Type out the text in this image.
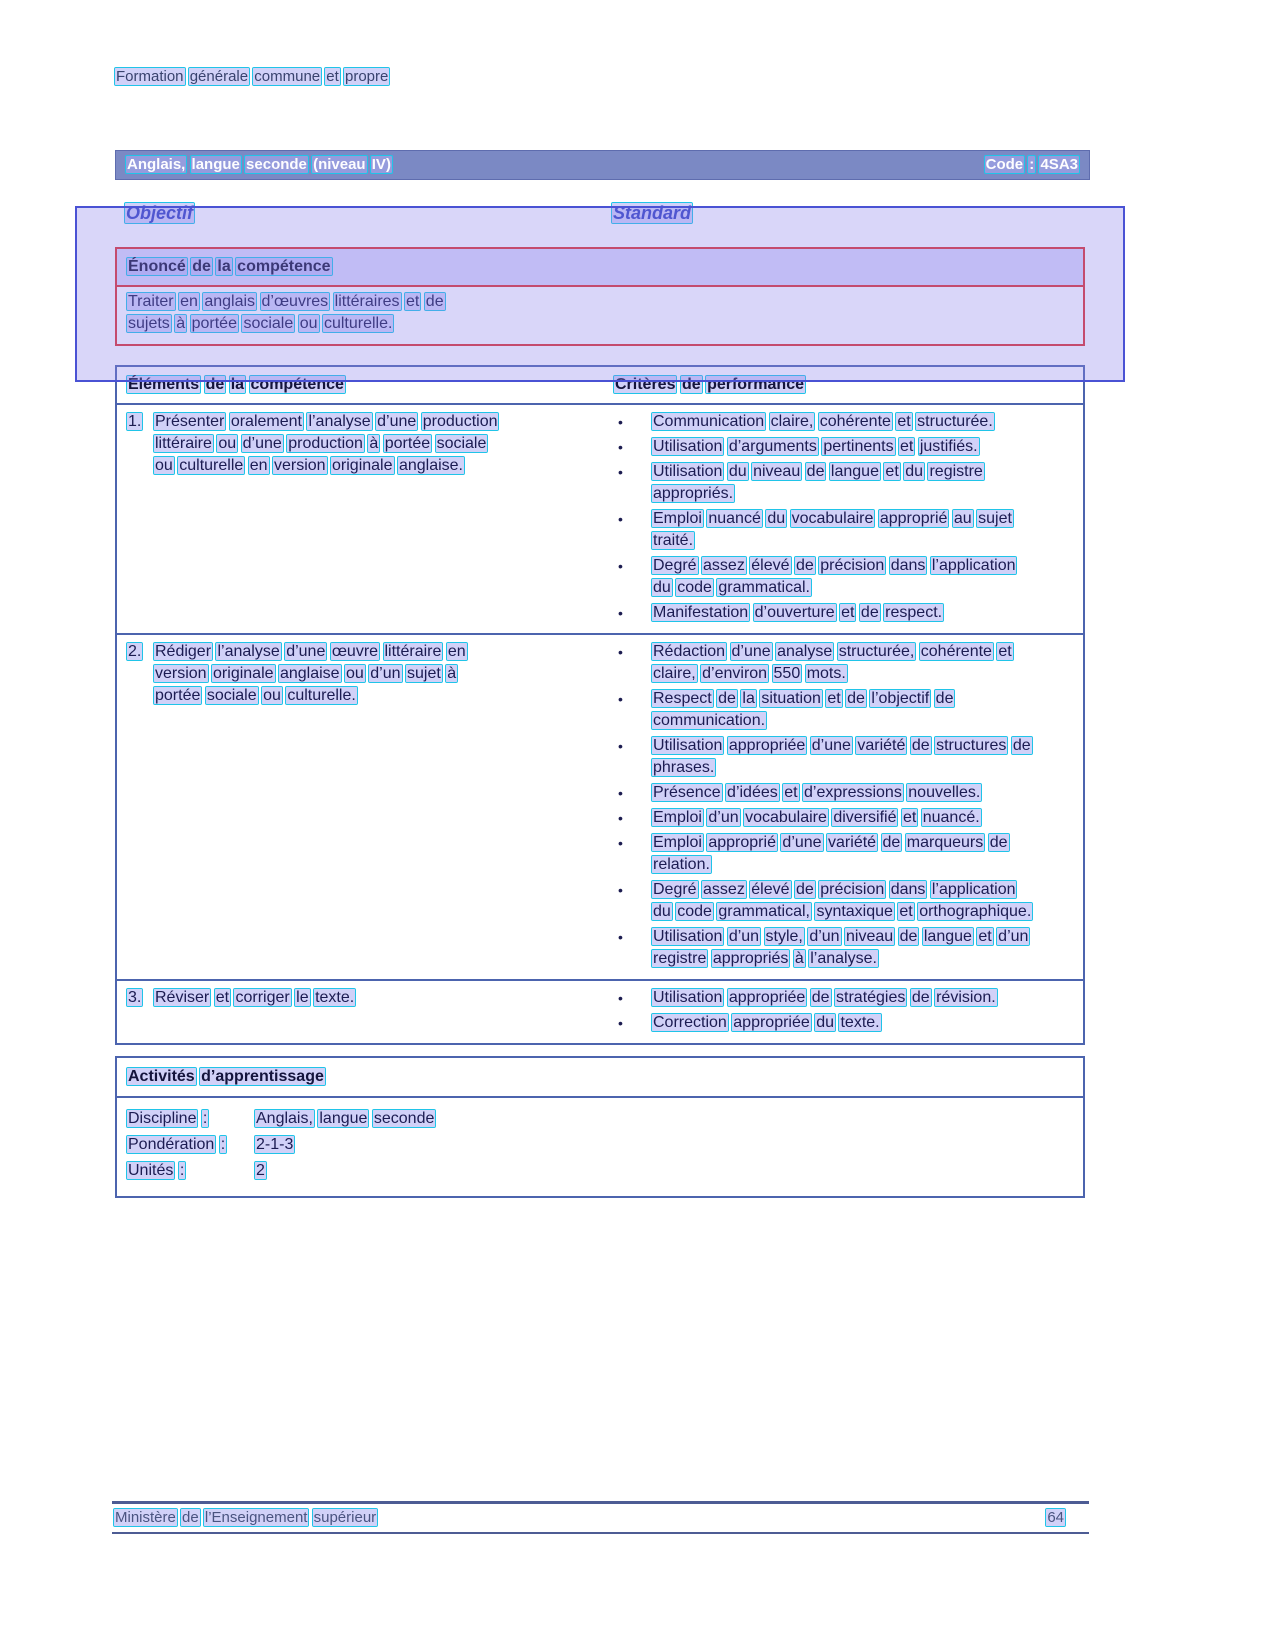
Formation générale commune et propre
Anglais, langue seconde (niveau IV)	Code : 4SA3
Objectif	Standard
Énoncé de la compétence
Traiter en anglais d’œuvres littéraires et de sujets à portée sociale ou culturelle.
Éléments de la compétence	Critères de performance
1. Présenter oralement l’analyse d’une production littéraire ou d’une production à portée sociale ou culturelle en version originale anglaise.
•	Communication claire, cohérente et structurée.
•	Utilisation d’arguments pertinents et justifiés.
•	Utilisation du niveau de langue et du registre appropriés.
•	Emploi nuancé du vocabulaire approprié au sujet traité.
•	Degré assez élevé de précision dans l’application du code grammatical.
•	Manifestation d’ouverture et de respect.
2. Rédiger l’analyse d’une œuvre littéraire en version originale anglaise ou d’un sujet à portée sociale ou culturelle.
•	Rédaction d’une analyse structurée, cohérente et claire, d’environ 550 mots.
•	Respect de la situation et de l’objectif de communication.
•	Utilisation appropriée d’une variété de structures de phrases.
•	Présence d’idées et d’expressions nouvelles.
•	Emploi d’un vocabulaire diversifié et nuancé.
•	Emploi approprié d’une variété de marqueurs de relation.
•	Degré assez élevé de précision dans l’application du code grammatical, syntaxique et orthographique.
•	Utilisation d’un style, d’un niveau de langue et d’un registre appropriés à l’analyse.
3. Réviser et corriger le texte.	•	Utilisation appropriée de stratégies de révision.
•	Correction appropriée du texte.
Activités d’apprentissage
Discipline :	Anglais, langue seconde
Pondération :	2-1-3
Unités :	2
Ministère de l’Enseignement supérieur	64
